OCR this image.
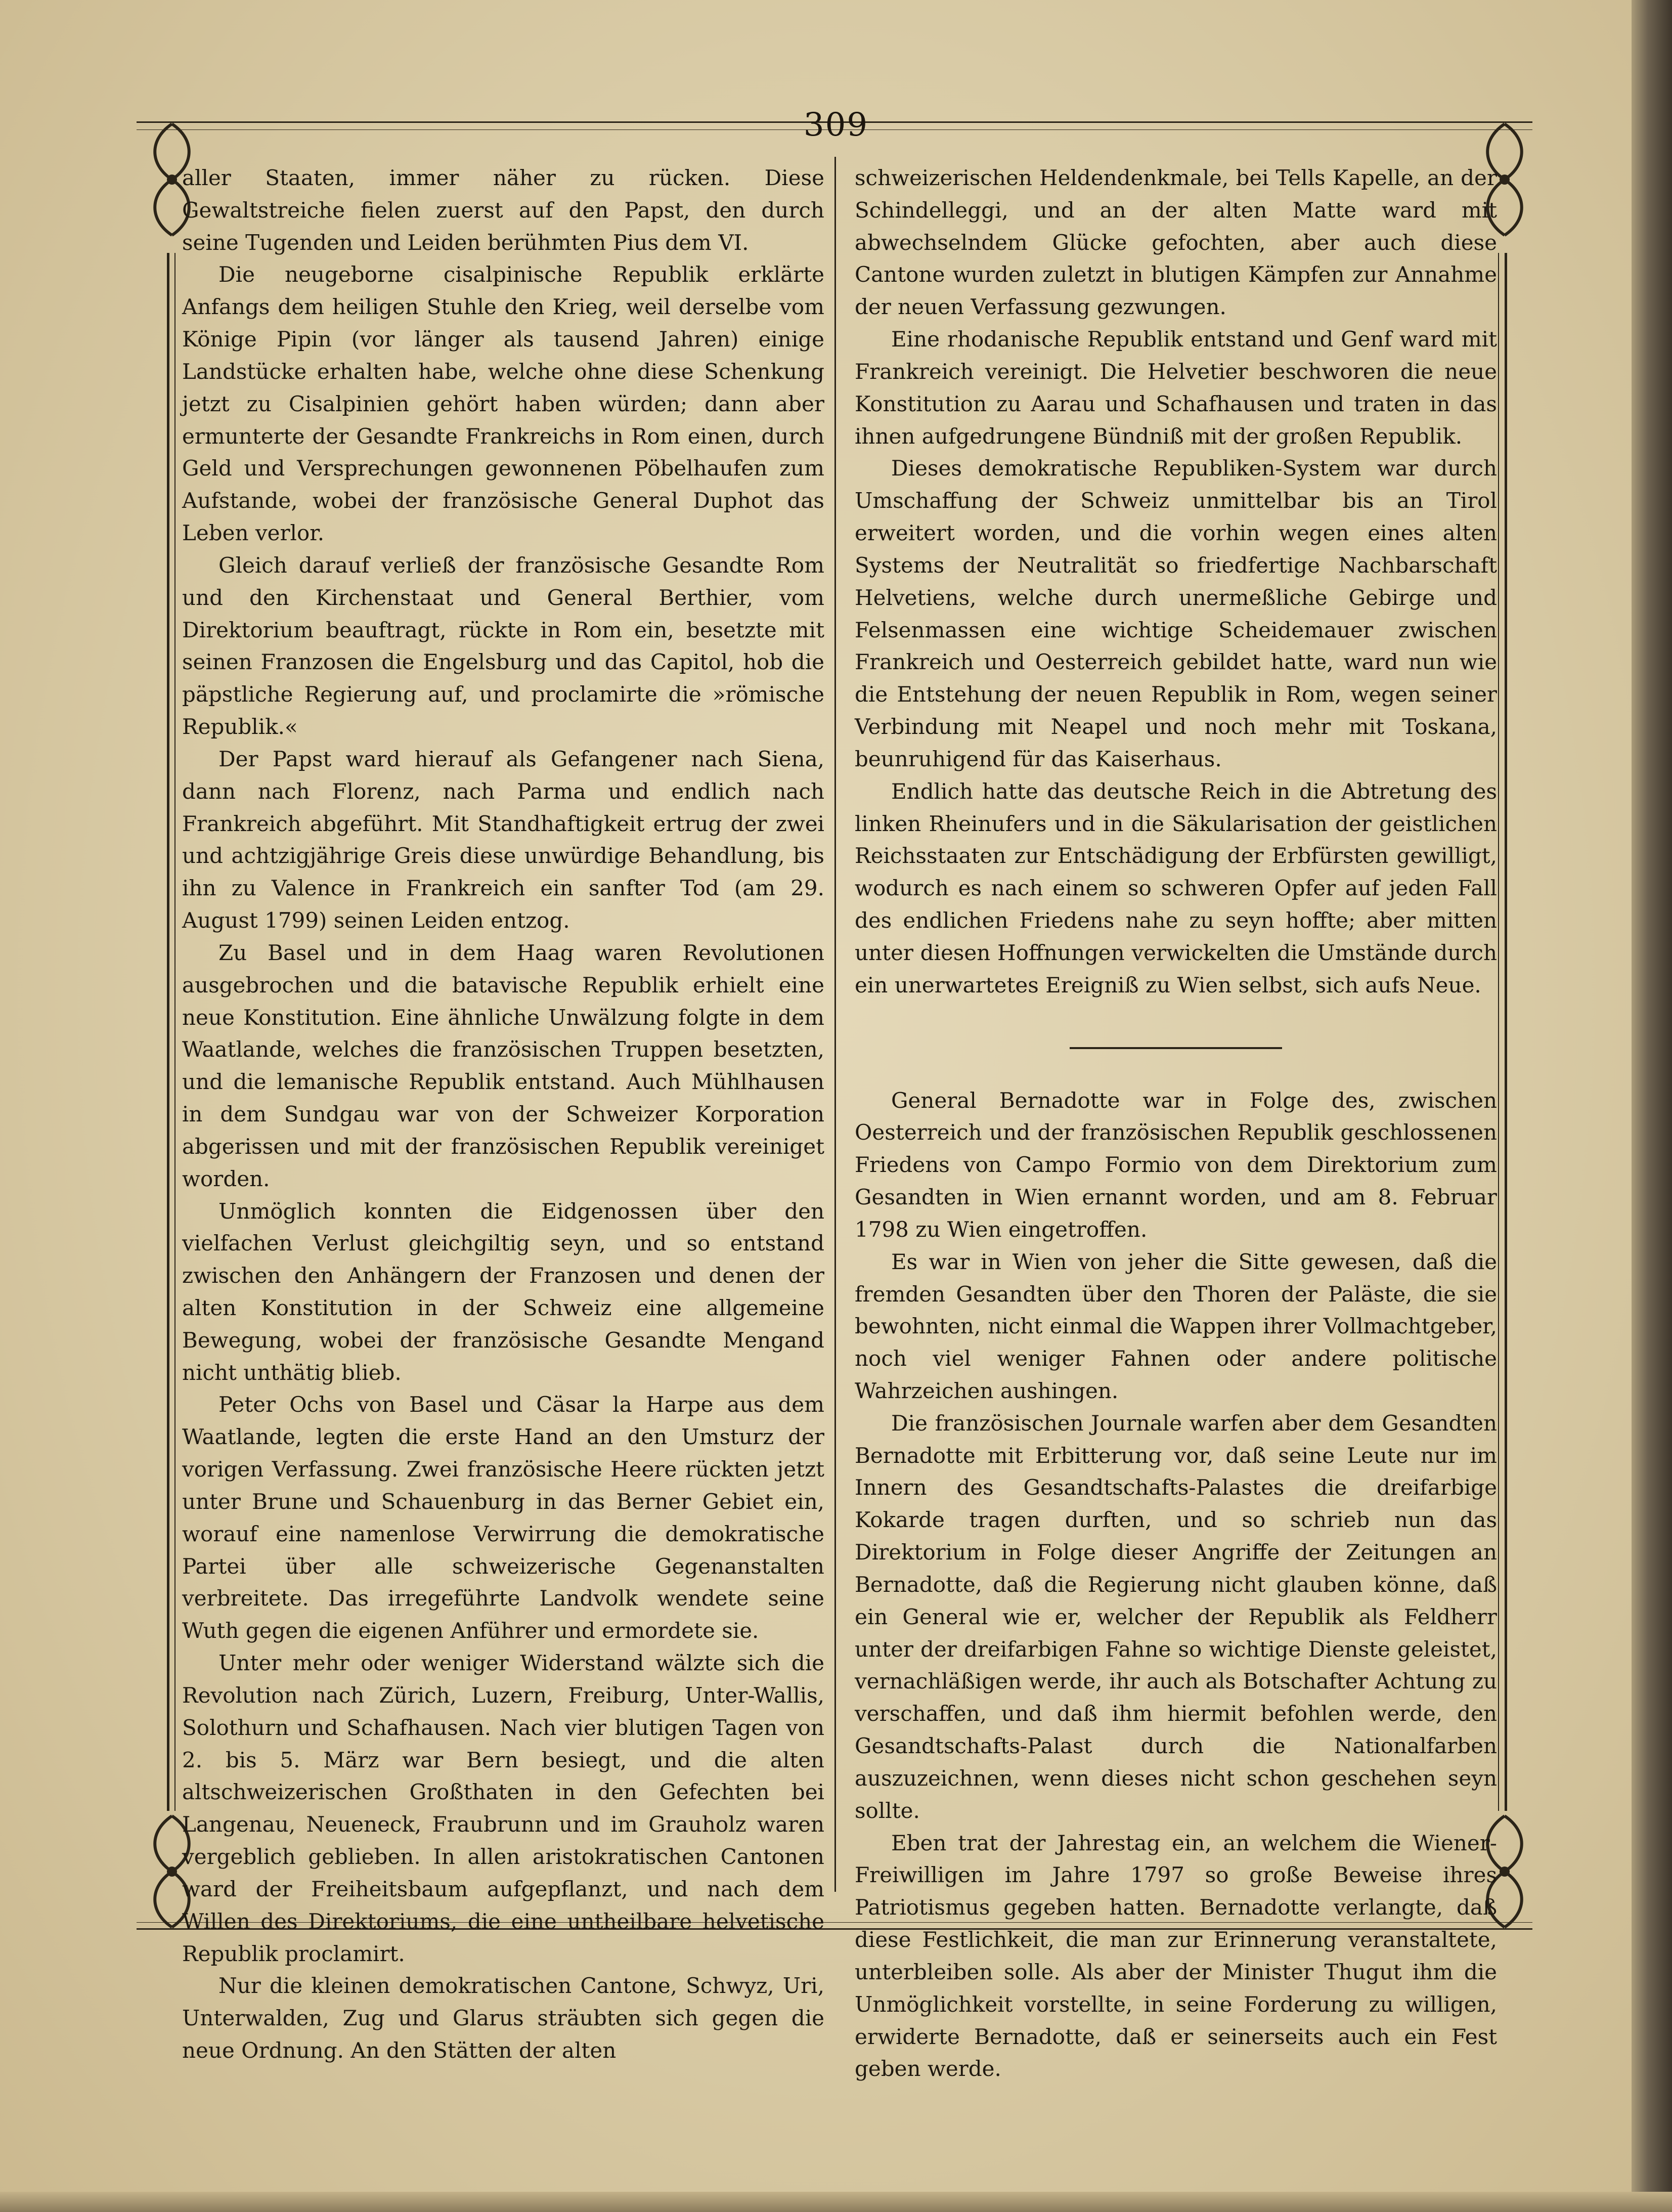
309

aller Staaten, immer näher zu rücken. Diese Gewaltstreiche fielen zuerst auf den Papst, den durch seine Tugenden und Leiden berühmten Pius dem VI.

Die neugeborne cisalpinische Republik erklärte Anfangs dem heiligen Stuhle den Krieg, weil derselbe vom Könige Pipin (vor länger als tausend Jahren) einige Landstücke erhalten habe, welche ohne diese Schenkung jetzt zu Cisalpinien gehört haben würden; dann aber ermunterte der Gesandte Frankreichs in Rom einen, durch Geld und Versprechungen gewonnenen Pöbelhaufen zum Aufstande, wobei der französische General Duphot das Leben verlor.

Gleich darauf verließ der französische Gesandte Rom und den Kirchenstaat und General Berthier, vom Direktorium beauftragt, rückte in Rom ein, besetzte mit seinen Franzosen die Engelsburg und das Capitol, hob die päpstliche Regierung auf, und proclamirte die »römische Republik.«

Der Papst ward hierauf als Gefangener nach Siena, dann nach Florenz, nach Parma und endlich nach Frankreich abgeführt. Mit Standhaftigkeit ertrug der zwei und achtzigjährige Greis diese unwürdige Behandlung, bis ihn zu Valence in Frankreich ein sanfter Tod (am 29. August 1799) seinen Leiden entzog.

Zu Basel und in dem Haag waren Revolutionen ausgebrochen und die batavische Republik erhielt eine neue Konstitution. Eine ähnliche Unwälzung folgte in dem Waatlande, welches die französischen Truppen besetzten, und die lemanische Republik entstand. Auch Mühlhausen in dem Sundgau war von der Schweizer Korporation abgerissen und mit der französischen Republik vereiniget worden.

Unmöglich konnten die Eidgenossen über den vielfachen Verlust gleichgiltig seyn, und so entstand zwischen den Anhängern der Franzosen und denen der alten Konstitution in der Schweiz eine allgemeine Bewegung, wobei der französische Gesandte Mengand nicht unthätig blieb.

Peter Ochs von Basel und Cäsar la Harpe aus dem Waatlande, legten die erste Hand an den Umsturz der vorigen Verfassung. Zwei französische Heere rückten jetzt unter Brune und Schauenburg in das Berner Gebiet ein, worauf eine namenlose Verwirrung die demokratische Partei über alle schweizerische Gegenanstalten verbreitete. Das irregeführte Landvolk wendete seine Wuth gegen die eigenen Anführer und ermordete sie.

Unter mehr oder weniger Widerstand wälzte sich die Revolution nach Zürich, Luzern, Freiburg, Unter-Wallis, Solothurn und Schafhausen. Nach vier blutigen Tagen von 2. bis 5. März war Bern besiegt, und die alten altschweizerischen Großthaten in den Gefechten bei Langenau, Neueneck, Fraubrunn und im Grauholz waren vergeblich geblieben. In allen aristokratischen Cantonen ward der Freiheitsbaum aufgepflanzt, und nach dem Willen des Direktoriums, die eine untheilbare helvetische Republik proclamirt.

Nur die kleinen demokratischen Cantone, Schwyz, Uri, Unterwalden, Zug und Glarus sträubten sich gegen die neue Ordnung. An den Stätten der alten

schweizerischen Heldendenkmale, bei Tells Kapelle, an der Schindelleggi, und an der alten Matte ward mit abwechselndem Glücke gefochten, aber auch diese Cantone wurden zuletzt in blutigen Kämpfen zur Annahme der neuen Verfassung gezwungen.

Eine rhodanische Republik entstand und Genf ward mit Frankreich vereinigt. Die Helvetier beschworen die neue Konstitution zu Aarau und Schafhausen und traten in das ihnen aufgedrungene Bündniß mit der großen Republik.

Dieses demokratische Republiken-System war durch Umschaffung der Schweiz unmittelbar bis an Tirol erweitert worden, und die vorhin wegen eines alten Systems der Neutralität so friedfertige Nachbarschaft Helvetiens, welche durch unermeßliche Gebirge und Felsenmassen eine wichtige Scheidemauer zwischen Frankreich und Oesterreich gebildet hatte, ward nun wie die Entstehung der neuen Republik in Rom, wegen seiner Verbindung mit Neapel und noch mehr mit Toskana, beunruhigend für das Kaiserhaus.

Endlich hatte das deutsche Reich in die Abtretung des linken Rheinufers und in die Säkularisation der geistlichen Reichsstaaten zur Entschädigung der Erbfürsten gewilligt, wodurch es nach einem so schweren Opfer auf jeden Fall des endlichen Friedens nahe zu seyn hoffte; aber mitten unter diesen Hoffnungen verwickelten die Umstände durch ein unerwartetes Ereigniß zu Wien selbst, sich aufs Neue.

General Bernadotte war in Folge des, zwischen Oesterreich und der französischen Republik geschlossenen Friedens von Campo Formio von dem Direktorium zum Gesandten in Wien ernannt worden, und am 8. Februar 1798 zu Wien eingetroffen.

Es war in Wien von jeher die Sitte gewesen, daß die fremden Gesandten über den Thoren der Paläste, die sie bewohnten, nicht einmal die Wappen ihrer Vollmachtgeber, noch viel weniger Fahnen oder andere politische Wahrzeichen aushingen.

Die französischen Journale warfen aber dem Gesandten Bernadotte mit Erbitterung vor, daß seine Leute nur im Innern des Gesandtschafts-Palastes die dreifarbige Kokarde tragen durften, und so schrieb nun das Direktorium in Folge dieser Angriffe der Zeitungen an Bernadotte, daß die Regierung nicht glauben könne, daß ein General wie er, welcher der Republik als Feldherr unter der dreifarbigen Fahne so wichtige Dienste geleistet, vernachläßigen werde, ihr auch als Botschafter Achtung zu verschaffen, und daß ihm hiermit befohlen werde, den Gesandtschafts-Palast durch die Nationalfarben auszuzeichnen, wenn dieses nicht schon geschehen seyn sollte.

Eben trat der Jahrestag ein, an welchem die Wiener-Freiwilligen im Jahre 1797 so große Beweise ihres Patriotismus gegeben hatten. Bernadotte verlangte, daß diese Festlichkeit, die man zur Erinnerung veranstaltete, unterbleiben solle. Als aber der Minister Thugut ihm die Unmöglichkeit vorstellte, in seine Forderung zu willigen, erwiderte Bernadotte, daß er seinerseits auch ein Fest geben werde.
